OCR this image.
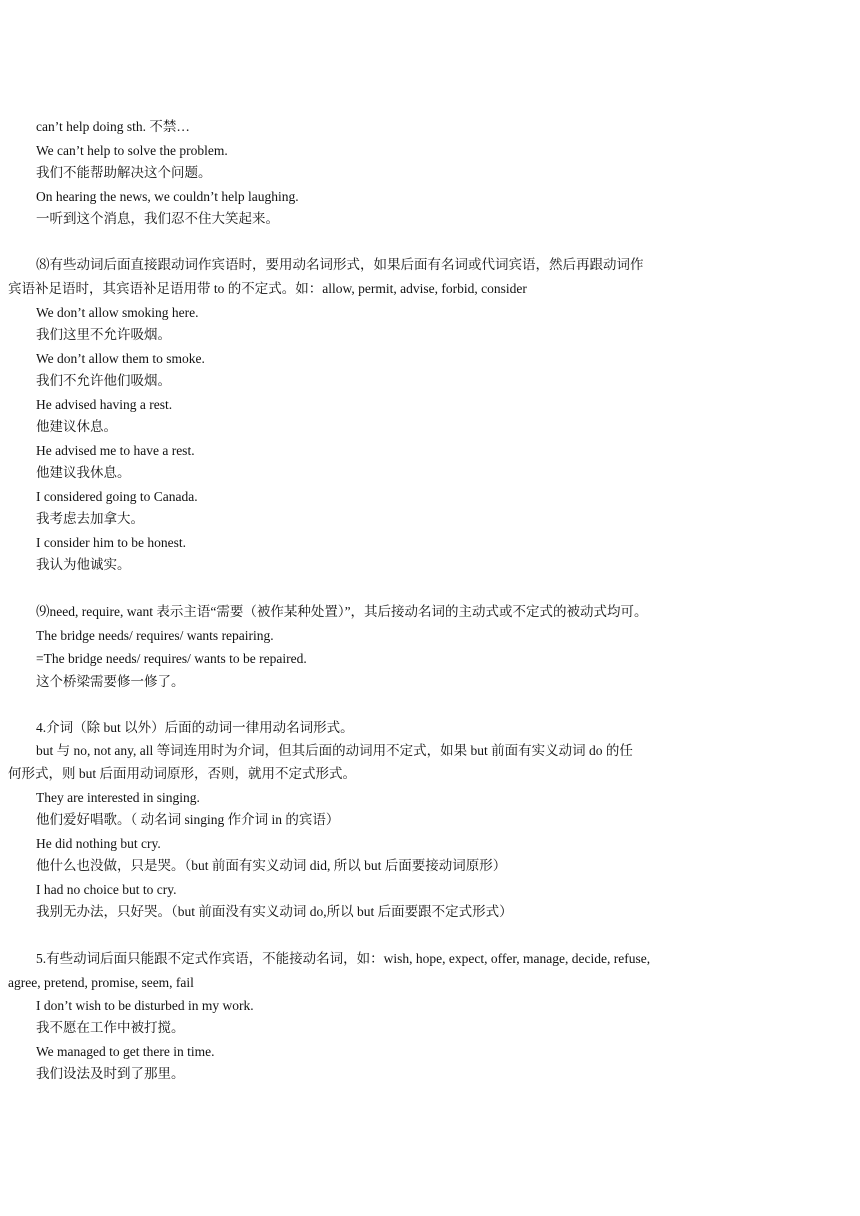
can’t help doing sth. 不禁…
We can’t help to solve the problem.
我们不能帮助解决这个问题。
On hearing the news, we couldn’t help laughing.
一听到这个消息，我们忍不住大笑起来。
⑻有些动词后面直接跟动词作宾语时，要用动名词形式，如果后面有名词或代词宾语，然后再跟动词作
宾语补足语时，其宾语补足语用带 to 的不定式。如：allow, permit, advise, forbid, consider
We don’t allow smoking here.
我们这里不允许吸烟。
We don’t allow them to smoke.
我们不允许他们吸烟。
He advised having a rest.
他建议休息。
He advised me to have a rest.
他建议我休息。
I considered going to Canada.
我考虑去加拿大。
I consider him to be honest.
我认为他诚实。
⑼need, require, want 表示主语“需要（被作某种处置）”，其后接动名词的主动式或不定式的被动式均可。
The bridge needs/ requires/ wants repairing.
=The bridge needs/ requires/ wants to be repaired.
这个桥梁需要修一修了。
4.介词（除 but 以外）后面的动词一律用动名词形式。
but 与 no, not any, all 等词连用时为介词，但其后面的动词用不定式，如果 but 前面有实义动词 do 的任
何形式，则 but 后面用动词原形，否则，就用不定式形式。
They are interested in singing.
他们爱好唱歌。（ 动名词 singing 作介词 in 的宾语）
He did nothing but cry.
他什么也没做，只是哭。（but 前面有实义动词 did, 所以 but 后面要接动词原形）
I had no choice but to cry.
我别无办法，只好哭。（but 前面没有实义动词 do,所以 but 后面要跟不定式形式）
5.有些动词后面只能跟不定式作宾语，不能接动名词，如：wish, hope, expect, offer, manage, decide, refuse,
agree, pretend, promise, seem, fail
I don’t wish to be disturbed in my work.
我不愿在工作中被打搅。
We managed to get there in time.
我们设法及时到了那里。
